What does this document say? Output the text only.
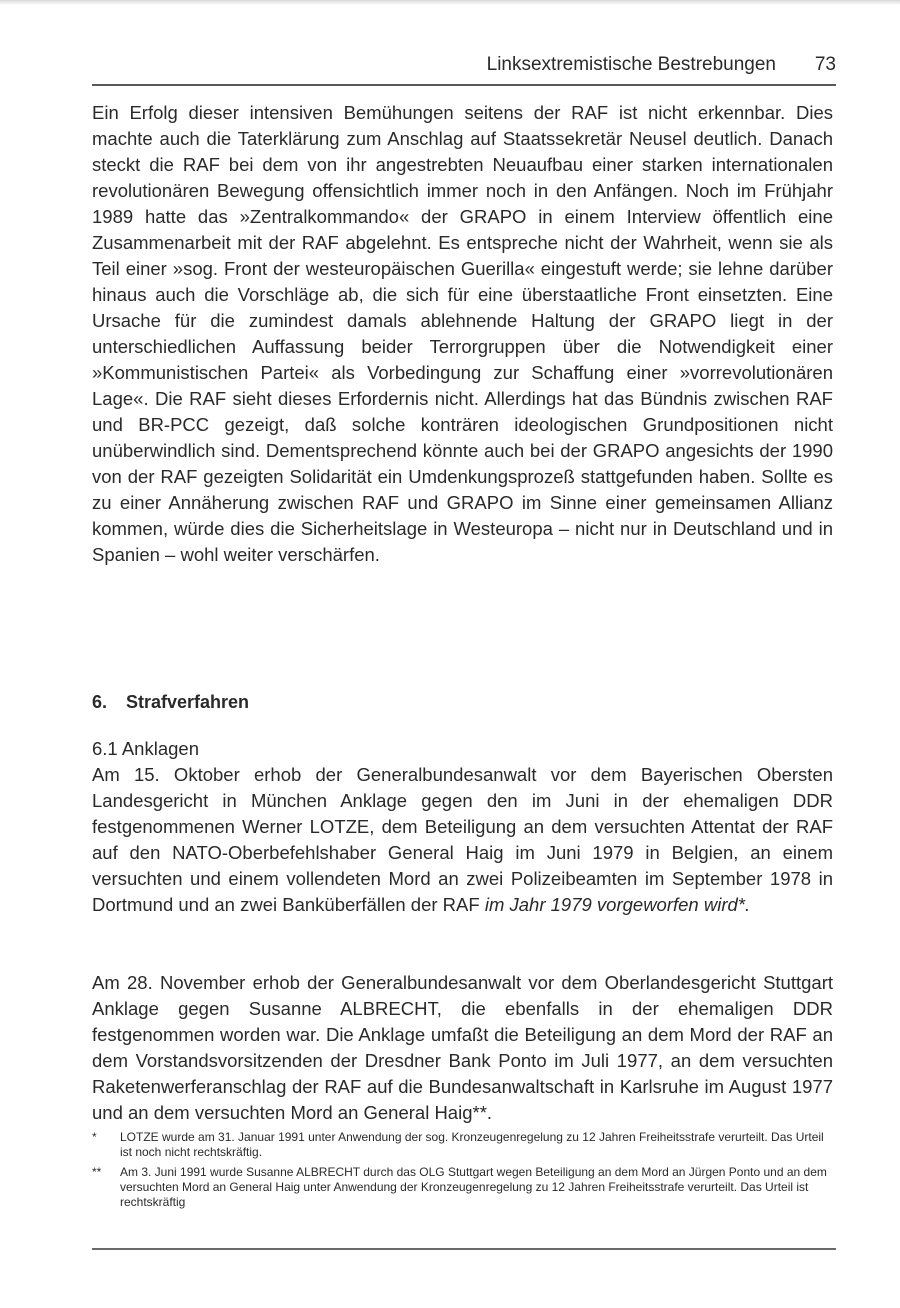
Linksextremistische Bestrebungen 73

Ein Erfolg dieser intensiven Bemühungen seitens der RAF ist nicht erkennbar. Dies machte auch die Taterklärung zum Anschlag auf Staatssekretär Neusel deutlich. Danach steckt die RAF bei dem von ihr angestrebten Neuaufbau einer starken internationalen revolutionären Bewegung offensichtlich immer noch in den Anfängen. Noch im Frühjahr 1989 hatte das »Zentralkommando« der GRAPO in einem Interview öffentlich eine Zusammenarbeit mit der RAF abgelehnt. Es entspreche nicht der Wahrheit, wenn sie als Teil einer »sog. Front der westeuropäischen Guerilla« eingestuft werde; sie lehne darüber hinaus auch die Vorschläge ab, die sich für eine überstaatliche Front einsetzten. Eine Ursache für die zumindest damals ablehnende Haltung der GRAPO liegt in der unterschiedlichen Auffassung beider Terrorgruppen über die Notwendigkeit einer »Kommunistischen Partei« als Vorbedingung zur Schaffung einer »vorrevolutionären Lage«. Die RAF sieht dieses Erfordernis nicht. Allerdings hat das Bündnis zwischen RAF und BR-PCC gezeigt, daß solche konträren ideologischen Grundpositionen nicht unüberwindlich sind. Dementsprechend könnte auch bei der GRAPO angesichts der 1990 von der RAF gezeigten Solidarität ein Umdenkungsprozeß stattgefunden haben. Sollte es zu einer Annäherung zwischen RAF und GRAPO im Sinne einer gemeinsamen Allianz kommen, würde dies die Sicherheitslage in Westeuropa – nicht nur in Deutschland und in Spanien – wohl weiter verschärfen.

6. Strafverfahren
6.1 Anklagen

Am 15. Oktober erhob der Generalbundesanwalt vor dem Bayerischen Obersten Landesgericht in München Anklage gegen den im Juni in der ehemaligen DDR festgenommenen Werner LOTZE, dem Beteiligung an dem versuchten Attentat der RAF auf den NATO-Oberbefehlshaber General Haig im Juni 1979 in Belgien, an einem versuchten und einem vollendeten Mord an zwei Polizeibeamten im September 1978 in Dortmund und an zwei Banküberfällen der RAF im Jahr 1979 vorgeworfen wird*.

Am 28. November erhob der Generalbundesanwalt vor dem Oberlandesgericht Stuttgart Anklage gegen Susanne ALBRECHT, die ebenfalls in der ehemaligen DDR festgenommen worden war. Die Anklage umfaßt die Beteiligung an dem Mord der RAF an dem Vorstandsvorsitzenden der Dresdner Bank Ponto im Juli 1977, an dem versuchten Raketenwerferanschlag der RAF auf die Bundesanwaltschaft in Karlsruhe im August 1977 und an dem versuchten Mord an General Haig**.

*	LOTZE wurde am 31. Januar 1991 unter Anwendung der sog. Kronzeugenregelung zu 12 Jahren Freiheitsstrafe verurteilt. Das Urteil ist noch nicht rechtskräftig.
**	Am 3. Juni 1991 wurde Susanne ALBRECHT durch das OLG Stuttgart wegen Beteiligung an dem Mord an Jürgen Ponto und an dem versuchten Mord an General Haig unter Anwendung der Kronzeugenregelung zu 12 Jahren Freiheitsstrafe verurteilt. Das Urteil ist rechtskräftig
